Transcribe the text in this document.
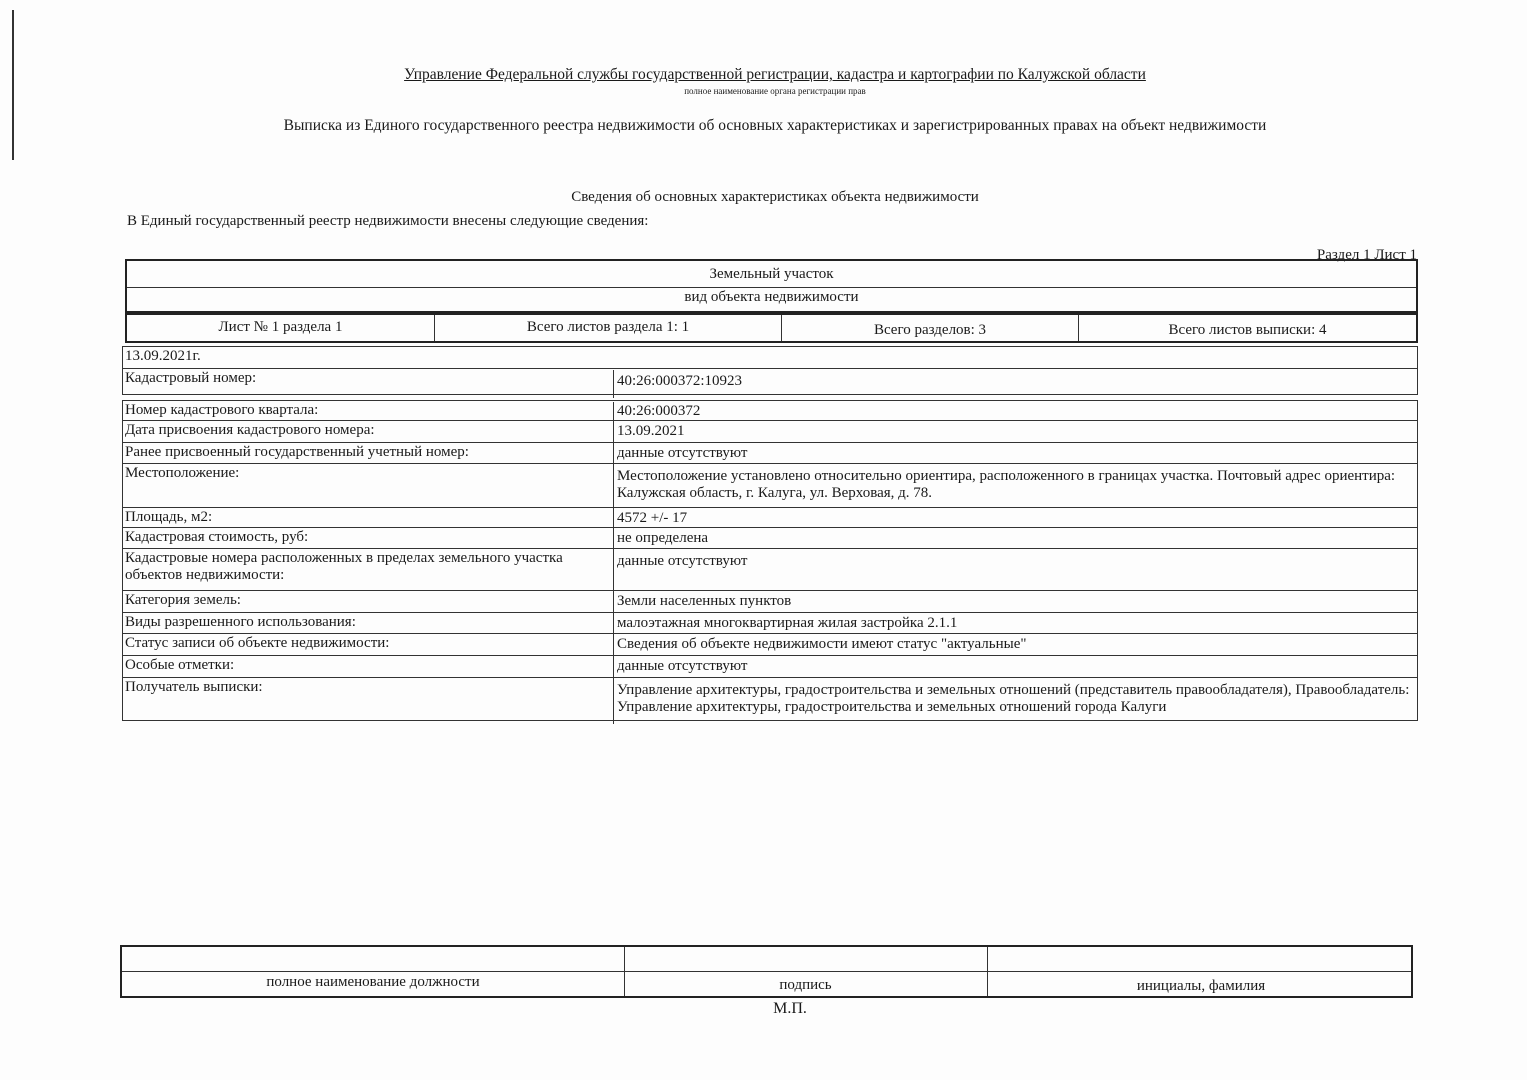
Управление Федеральной службы государственной регистрации, кадастра и картографии по Калужской области
полное наименование органа регистрации прав
Выписка из Единого государственного реестра недвижимости об основных характеристиках и зарегистрированных правах на объект недвижимости
Сведения об основных характеристиках объекта недвижимости
В Единый государственный реестр недвижимости внесены следующие сведения:
Раздел 1 Лист 1
Земельный участок
вид объекта недвижимости
Лист № 1 раздела 1	Всего листов раздела 1: 1	Всего разделов: 3	Всего листов выписки: 4
13.09.2021г.
Кадастровый номер:	40:26:000372:10923
Номер кадастрового квартала:	40:26:000372
Дата присвоения кадастрового номера:	13.09.2021
Ранее присвоенный государственный учетный номер:	данные отсутствуют
Местоположение:	Местоположение установлено относительно ориентира, расположенного в границах участка. Почтовый адрес ориентира: Калужская область, г. Калуга, ул. Верховая, д. 78.
Площадь, м2:	4572 +/- 17
Кадастровая стоимость, руб:	не определена
Кадастровые номера расположенных в пределах земельного участка объектов недвижимости:
данные отсутствуют
Категория земель:	Земли населенных пунктов
Виды разрешенного использования:	малоэтажная многоквартирная жилая застройка 2.1.1
Статус записи об объекте недвижимости:	Сведения об объекте недвижимости имеют статус "актуальные"
Особые отметки:	данные отсутствуют
Получатель выписки:	Управление архитектуры, градостроительства и земельных отношений (представитель правообладателя), Правообладатель: Управление архитектуры, градостроительства и земельных отношений города Калуги
полное наименование должности	подпись	инициалы, фамилия
М.П.
